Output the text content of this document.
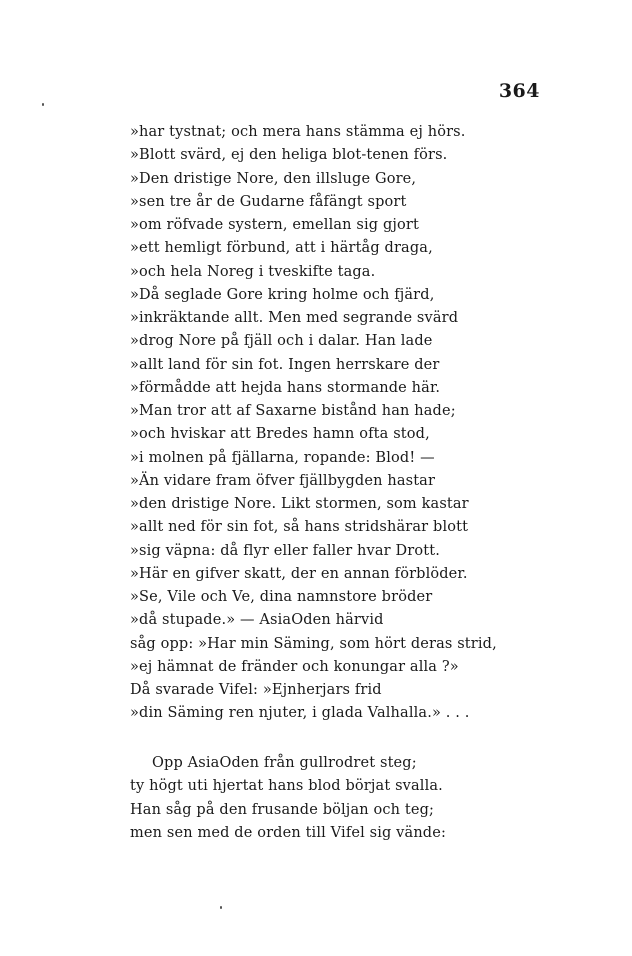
364
»har tystnat; och mera hans stämma ej hörs.
»Blott svärd, ej den heliga blot-tenen förs.
»Den dristige Nore, den illsluge Gore,
»sen tre år de Gudarne fåfängt sport
»om röfvade systern, emellan sig gjort
»ett hemligt förbund, att i härtåg draga,
»och hela Noreg i tveskifte taga.
»Då seglade Gore kring holme och fjärd,
»inkräktande allt. Men med segrande svärd
»drog Nore på fjäll och i dalar. Han lade
»allt land för sin fot. Ingen herrskare der
»förmådde att hejda hans stormande här.
»Man tror att af Saxarne bistånd han hade;
»och hviskar att Bredes hamn ofta stod,
»i molnen på fjällarna, ropande: Blod! —
»Än vidare fram öfver fjällbygden hastar
»den dristige Nore. Likt stormen, som kastar
»allt ned för sin fot, så hans stridshärar blott
»sig väpna: då flyr eller faller hvar Drott.
»Här en gifver skatt, der en annan förblöder.
»Se, Vile och Ve, dina namnstore bröder
»då stupade.» — AsiaOden härvid
såg opp: »Har min Säming, som hört deras strid,
»ej hämnat de fränder och konungar alla ?»
Då svarade Vifel: »Ejnherjars frid
»din Säming ren njuter, i glada Valhalla.» . . .
Opp AsiaOden från gullrodret steg;
ty högt uti hjertat hans blod börjat svalla.
Han såg på den frusande böljan och teg;
men sen med de orden till Vifel sig vände:
